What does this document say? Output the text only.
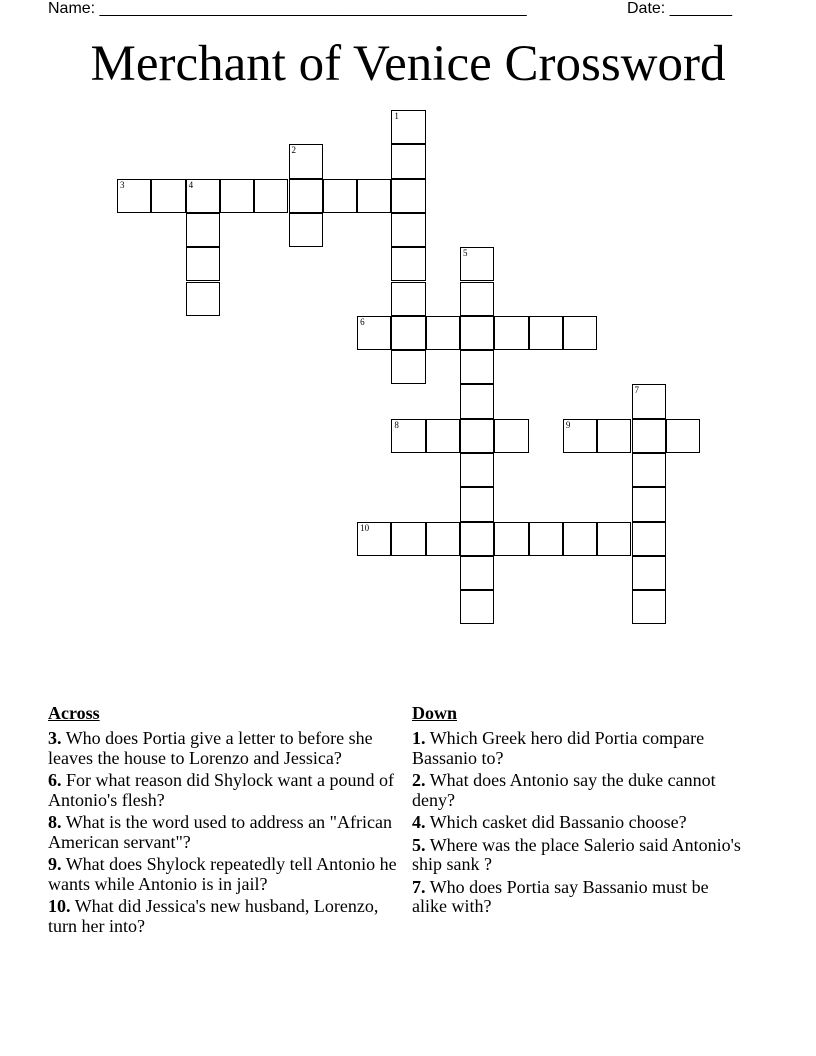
Name: ________________________________________________	Date: _______
Merchant of Venice Crossword
1
2
3	4
5
6
7
8	9
10
Across
3. Who does Portia give a letter to before she leaves the house to Lorenzo and Jessica?
6. For what reason did Shylock want a pound of Antonio's flesh?
8. What is the word used to address an "African American servant"?
9. What does Shylock repeatedly tell Antonio he wants while Antonio is in jail?
10. What did Jessica's new husband, Lorenzo, turn her into?
Down
1. Which Greek hero did Portia compare Bassanio to?
2. What does Antonio say the duke cannot deny?
4. Which casket did Bassanio choose?
5. Where was the place Salerio said Antonio's ship sank ?
7. Who does Portia say Bassanio must be alike with?
